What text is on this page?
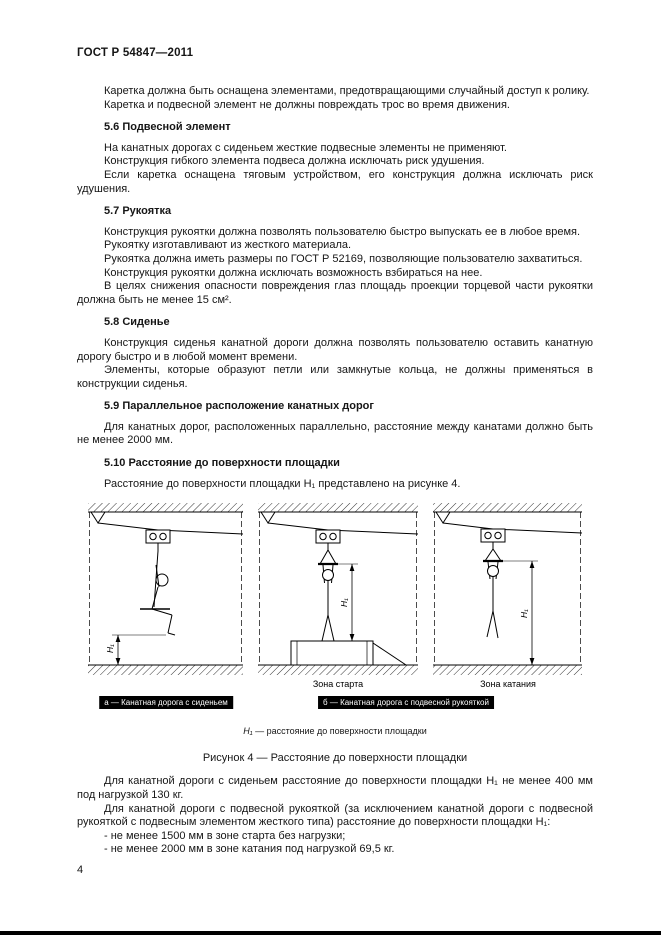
ГОСТ Р 54847—2011

Каретка должна быть оснащена элементами, предотвращающими случайный доступ к ролику.

Каретка и подвесной элемент не должны повреждать трос во время движения.

5.6 Подвесной элемент

На канатных дорогах с сиденьем жесткие подвесные элементы не применяют.

Конструкция гибкого элемента подвеса должна исключать риск удушения.

Если каретка оснащена тяговым устройством, его конструкция должна исключать риск удушения.

5.7 Рукоятка

Конструкция рукоятки должна позволять пользователю быстро выпускать ее в любое время.

Рукоятку изготавливают из жесткого материала.

Рукоятка должна иметь размеры по ГОСТ Р 52169, позволяющие пользователю захватиться.

Конструкция рукоятки должна исключать возможность взбираться на нее.

В целях снижения опасности повреждения глаз площадь проекции торцевой части рукоятки должна быть не менее 15 см².

5.8 Сиденье

Конструкция сиденья канатной дороги должна позволять пользователю оставить канатную дорогу быстро и в любой момент времени.

Элементы, которые образуют петли или замкнутые кольца, не должны применяться в конструкции сиденья.

5.9 Параллельное расположение канатных дорог

Для канатных дорог, расположенных параллельно, расстояние между канатами должно быть не менее 2000 мм.

5.10 Расстояние до поверхности площадки

Расстояние до поверхности площадки H₁ представлено на рисунке 4.

H₁
H₁
Зона старта
H₁
Зона катания
а — Канатная дорога с сиденьем	б — Канатная дорога с подвесной рукояткой
H₁ — расстояние до поверхности площадки
Рисунок 4 — Расстояние до поверхности площадки

Для канатной дороги с сиденьем расстояние до поверхности площадки H₁ не менее 400 мм под нагрузкой 130 кг.

Для канатной дороги с подвесной рукояткой (за исключением канатной дороги с подвесной рукояткой с подвесным элементом жесткого типа) расстояние до поверхности площадки H₁:

- не менее 1500 мм в зоне старта без нагрузки;

- не менее 2000 мм в зоне катания под нагрузкой 69,5 кг.

4
